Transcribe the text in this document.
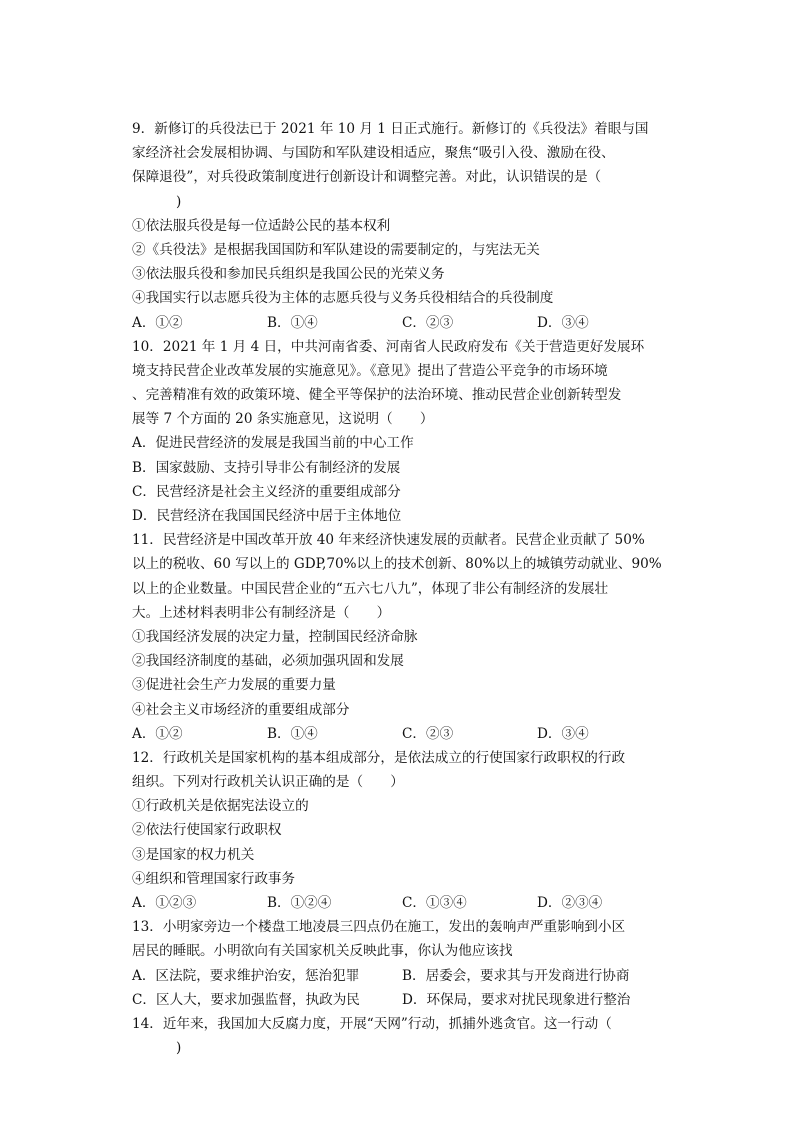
9．新修订的兵役法已于 2021 年 10 月 1 日正式施行。新修订的《兵役法》着眼与国
家经济社会发展相协调、与国防和军队建设相适应，聚焦“吸引入役、激励在役、
保障退役”，对兵役政策制度进行创新设计和调整完善。对此，认识错误的是（
)
①依法服兵役是每一位适龄公民的基本权利
②《兵役法》是根据我国国防和军队建设的需要制定的，与宪法无关
③依法服兵役和参加民兵组织是我国公民的光荣义务
④我国实行以志愿兵役为主体的志愿兵役与义务兵役相结合的兵役制度
A．①②	B．①④	C．②③	D．③④
10．2021 年 1 月 4 日，中共河南省委、河南省人民政府发布《关于营造更好发展环
境支持民营企业改革发展的实施意见》。《意见》提出了营造公平竞争的市场环境
、完善精准有效的政策环境、健全平等保护的法治环境、推动民营企业创新转型发
展等 7 个方面的 20 条实施意见，这说明（　　）
A．促进民营经济的发展是我国当前的中心工作
B．国家鼓励、支持引导非公有制经济的发展
C．民营经济是社会主义经济的重要组成部分
D．民营经济在我国国民经济中居于主体地位
11．民营经济是中国改革开放 40 年来经济快速发展的贡献者。民营企业贡献了 50%
以上的税收、60 写以上的 GDP,70%以上的技术创新、80%以上的城镇劳动就业、90%
以上的企业数量。中国民营企业的“五六七八九”，体现了非公有制经济的发展壮
大。上述材料表明非公有制经济是（　　）
①我国经济发展的决定力量，控制国民经济命脉
②我国经济制度的基础，必须加强巩固和发展
③促进社会生产力发展的重要力量
④社会主义市场经济的重要组成部分
A．①②	B．①④	C．②③	D．③④
12．行政机关是国家机构的基本组成部分，是依法成立的行使国家行政职权的行政
组织。下列对行政机关认识正确的是（　　）
①行政机关是依据宪法设立的
②依法行使国家行政职权
③是国家的权力机关
④组织和管理国家行政事务
A．①②③	B．①②④	C．①③④	D．②③④
13．小明家旁边一个楼盘工地凌晨三四点仍在施工，发出的轰响声严重影响到小区
居民的睡眠。小明欲向有关国家机关反映此事，你认为他应该找
A．区法院，要求维护治安，惩治犯罪	B．居委会，要求其与开发商进行协商
C．区人大，要求加强监督，执政为民	D．环保局，要求对扰民现象进行整治
14．近年来，我国加大反腐力度，开展“天网”行动，抓捕外逃贪官。这一行动（
)
